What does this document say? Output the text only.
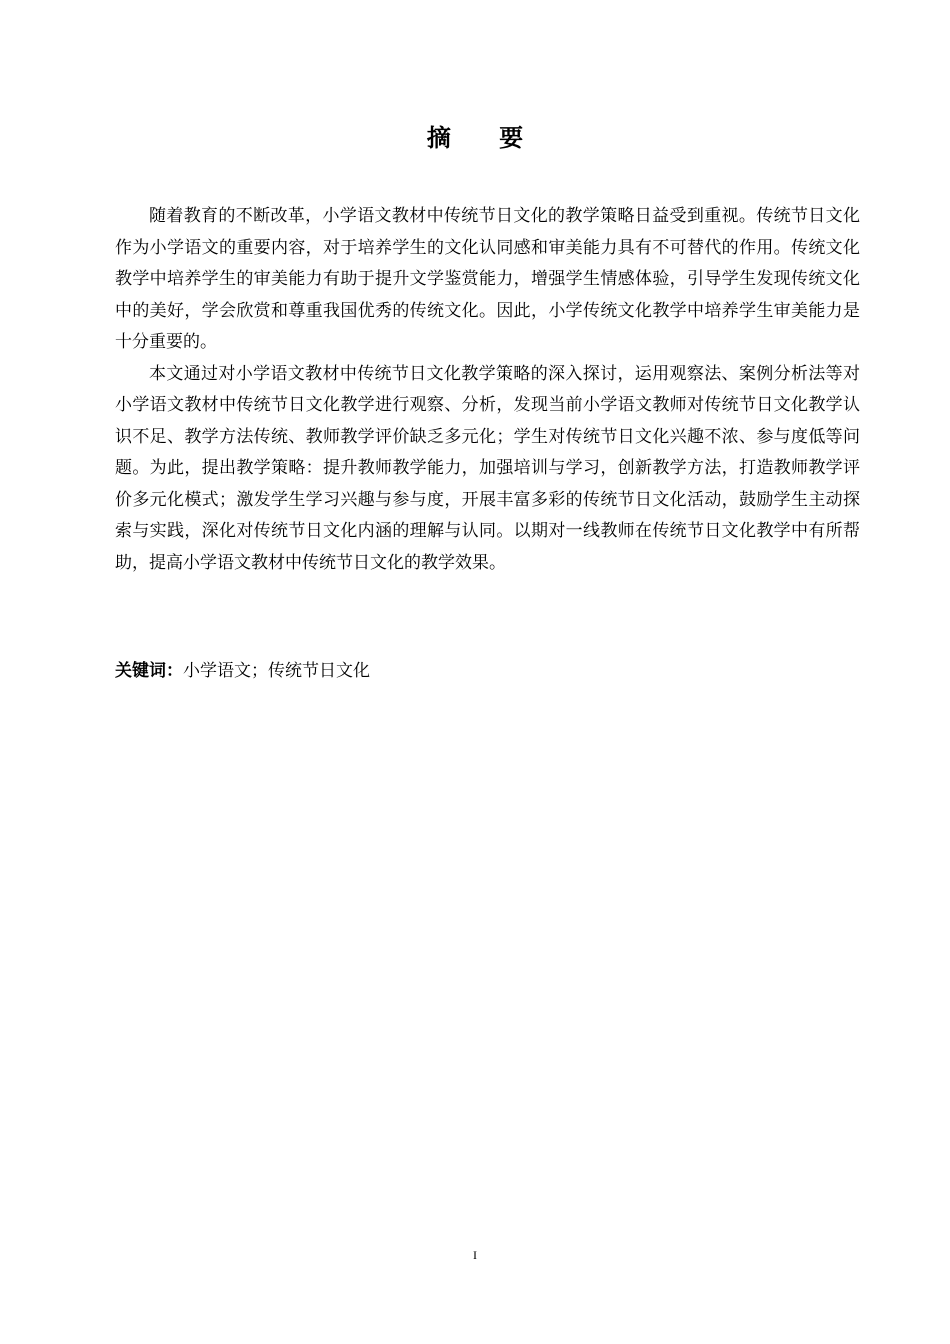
摘 要

随着教育的不断改革，小学语文教材中传统节日文化的教学策略日益受到重视。传统节日文化作为小学语文的重要内容，对于培养学生的文化认同感和审美能力具有不可替代的作用。传统文化教学中培养学生的审美能力有助于提升文学鉴赏能力，增强学生情感体验，引导学生发现传统文化中的美好，学会欣赏和尊重我国优秀的传统文化。因此，小学传统文化教学中培养学生审美能力是十分重要的。

本文通过对小学语文教材中传统节日文化教学策略的深入探讨，运用观察法、案例分析法等对小学语文教材中传统节日文化教学进行观察、分析，发现当前小学语文教师对传统节日文化教学认识不足、教学方法传统、教师教学评价缺乏多元化；学生对传统节日文化兴趣不浓、参与度低等问题。为此，提出教学策略：提升教师教学能力，加强培训与学习，创新教学方法，打造教师教学评价多元化模式；激发学生学习兴趣与参与度，开展丰富多彩的传统节日文化活动，鼓励学生主动探索与实践，深化对传统节日文化内涵的理解与认同。以期对一线教师在传统节日文化教学中有所帮助，提高小学语文教材中传统节日文化的教学效果。

关键词：小学语文；传统节日文化
I
